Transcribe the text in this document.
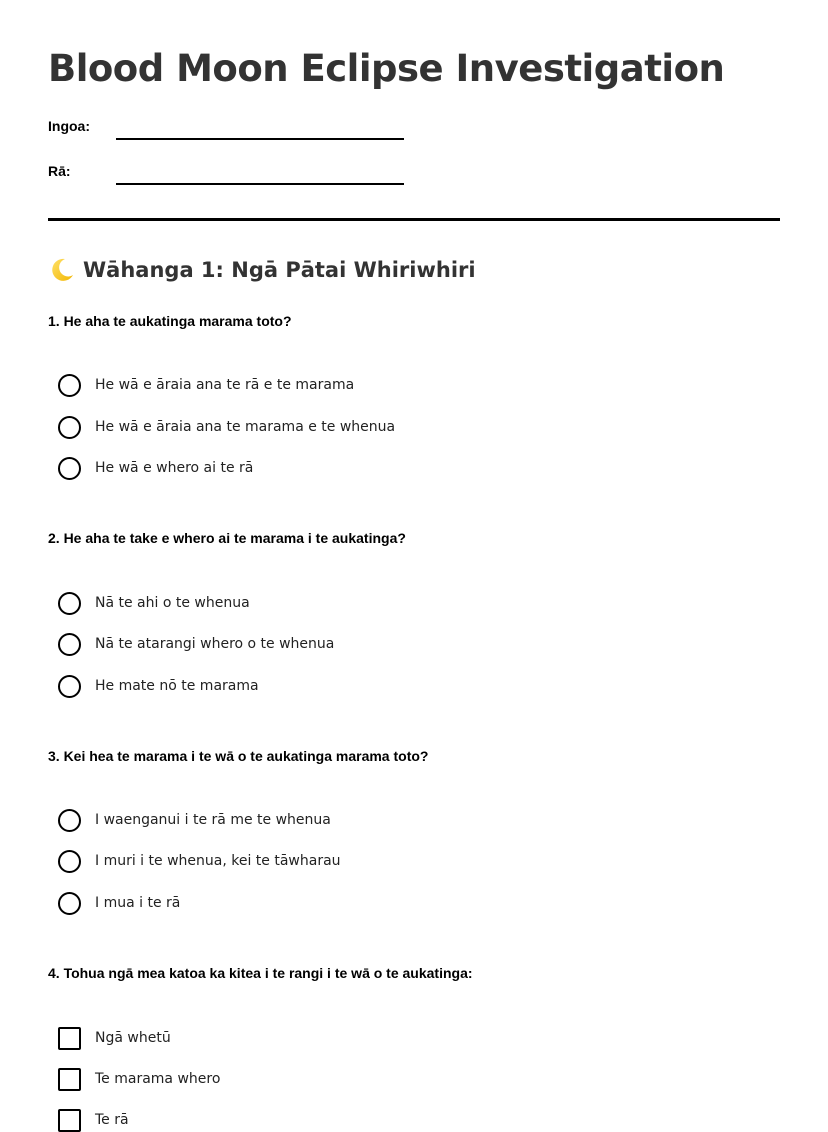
Blood Moon Eclipse Investigation
Ingoa:
Rā:
Wāhanga 1: Ngā Pātai Whiriwhiri
1. He aha te aukatinga marama toto?
He wā e āraia ana te rā e te marama
He wā e āraia ana te marama e te whenua
He wā e whero ai te rā
2. He aha te take e whero ai te marama i te aukatinga?
Nā te ahi o te whenua
Nā te atarangi whero o te whenua
He mate nō te marama
3. Kei hea te marama i te wā o te aukatinga marama toto?
I waenganui i te rā me te whenua
I muri i te whenua, kei te tāwharau
I mua i te rā
4. Tohua ngā mea katoa ka kitea i te rangi i te wā o te aukatinga:
Ngā whetū
Te marama whero
Te rā
